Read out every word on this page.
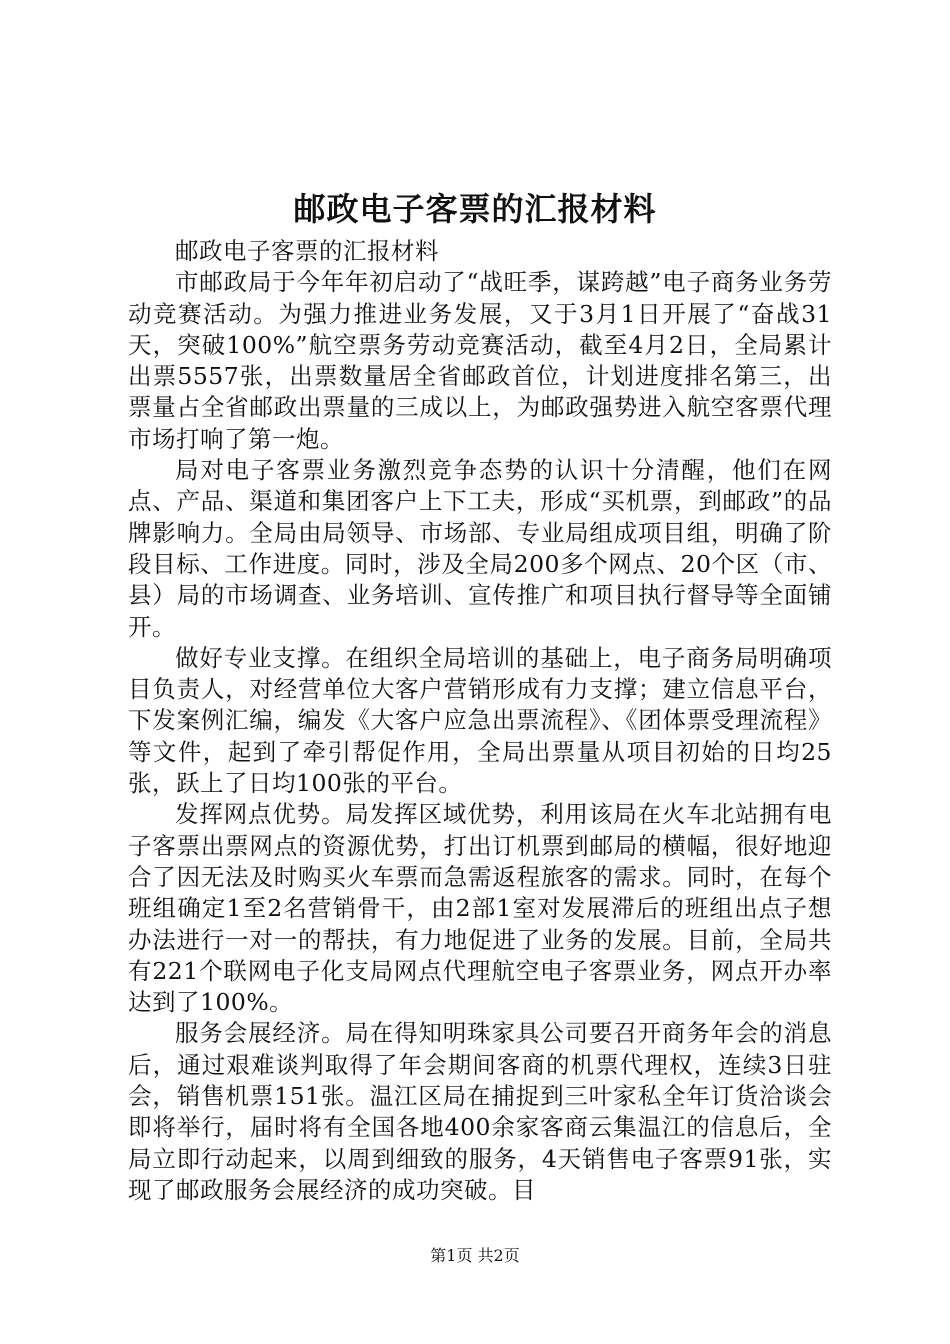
邮政电子客票的汇报材料

邮政电子客票的汇报材料

市邮政局于今年年初启动了“战旺季，谋跨越”电子商务业务劳动竞赛活动。为强力推进业务发展，又于3月1日开展了“奋战31天，突破100%”航空票务劳动竞赛活动，截至4月2日，全局累计出票5557张，出票数量居全省邮政首位，计划进度排名第三，出票量占全省邮政出票量的三成以上，为邮政强势进入航空客票代理市场打响了第一炮。

局对电子客票业务激烈竞争态势的认识十分清醒，他们在网点、产品、渠道和集团客户上下工夫，形成“买机票，到邮政”的品牌影响力。全局由局领导、市场部、专业局组成项目组，明确了阶段目标、工作进度。同时，涉及全局200多个网点、20个区（市、县）局的市场调查、业务培训、宣传推广和项目执行督导等全面铺开。

做好专业支撑。在组织全局培训的基础上，电子商务局明确项目负责人，对经营单位大客户营销形成有力支撑；建立信息平台，下发案例汇编，编发《大客户应急出票流程》、《团体票受理流程》等文件，起到了牵引帮促作用，全局出票量从项目初始的日均25张，跃上了日均100张的平台。

发挥网点优势。局发挥区域优势，利用该局在火车北站拥有电子客票出票网点的资源优势，打出订机票到邮局的横幅，很好地迎合了因无法及时购买火车票而急需返程旅客的需求。同时，在每个班组确定1至2名营销骨干，由2部1室对发展滞后的班组出点子想办法进行一对一的帮扶，有力地促进了业务的发展。目前，全局共有221个联网电子化支局网点代理航空电子客票业务，网点开办率达到了100%。

服务会展经济。局在得知明珠家具公司要召开商务年会的消息后，通过艰难谈判取得了年会期间客商的机票代理权，连续3日驻会，销售机票151张。温江区局在捕捉到三叶家私全年订货洽谈会即将举行，届时将有全国各地400余家客商云集温江的信息后，全局立即行动起来，以周到细致的服务，4天销售电子客票91张，实现了邮政服务会展经济的成功突破。目

第1页 共2页
